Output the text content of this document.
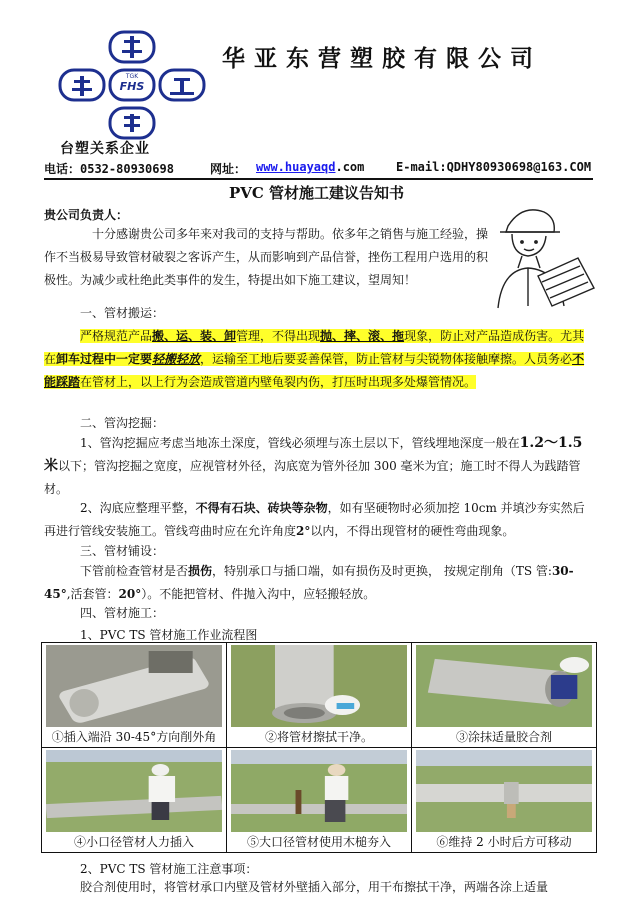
FHS
TGK
华亚东营塑胶有限公司
台塑关系企业
电话：0532-80930698	网址： www.huayaqd.com	E-mail:QDHY80930698@163.COM
PVC 管材施工建议告知书
贵公司负责人：
十分感谢贵公司多年来对我司的支持与帮助。依多年之销售与施工经验，操作不当极易导致管材破裂之客诉产生，从而影响到产品信誉，挫伤工程用户选用的积极性。为减少或杜绝此类事件的发生，特提出如下施工建议，望周知！
一、管材搬运：
严格规范产品搬、运、装、卸管理，不得出现抛、摔、滚、拖现象，防止对产品造成伤害。尤其在卸车过程中一定要轻搬轻放，运输至工地后要妥善保管，防止管材与尖锐物体接触摩擦。人员务必不能踩踏在管材上，以上行为会造成管道内壁龟裂内伤，打压时出现多处爆管情况。
二、管沟挖掘：
1、管沟挖掘应考虑当地冻土深度，管线必须埋与冻土层以下，管线埋地深度一般在1.2～1.5 米以下；管沟挖掘之宽度，应视管材外径，沟底宽为管外径加 300 毫米为宜；施工时不得人为践踏管材。
2、沟底应整理平整，不得有石块、砖块等杂物，如有坚硬物时必须加挖 10cm 并填沙夯实然后再进行管线安装施工。管线弯曲时应在允许角度2°以内，不得出现管材的硬性弯曲现象。
三、管材铺设：
下管前检查管材是否损伤，特别承口与插口端，如有损伤及时更换， 按规定削角（TS 管:30-45°,活套管：20°）。不能把管材、件抛入沟中，应轻搬轻放。
四、管材施工：
1、PVC TS 管材施工作业流程图
①插入端沿 30-45°方向削外角	②将管材擦拭干净。	③涂抹适量胶合剂

④小口径管材人力插入	⑤大口径管材使用木槌夯入	⑥维持 2 小时后方可移动
2、PVC TS 管材施工注意事项：
胶合剂使用时，将管材承口内壁及管材外壁插入部分，用干布擦拭干净，两端各涂上适量
